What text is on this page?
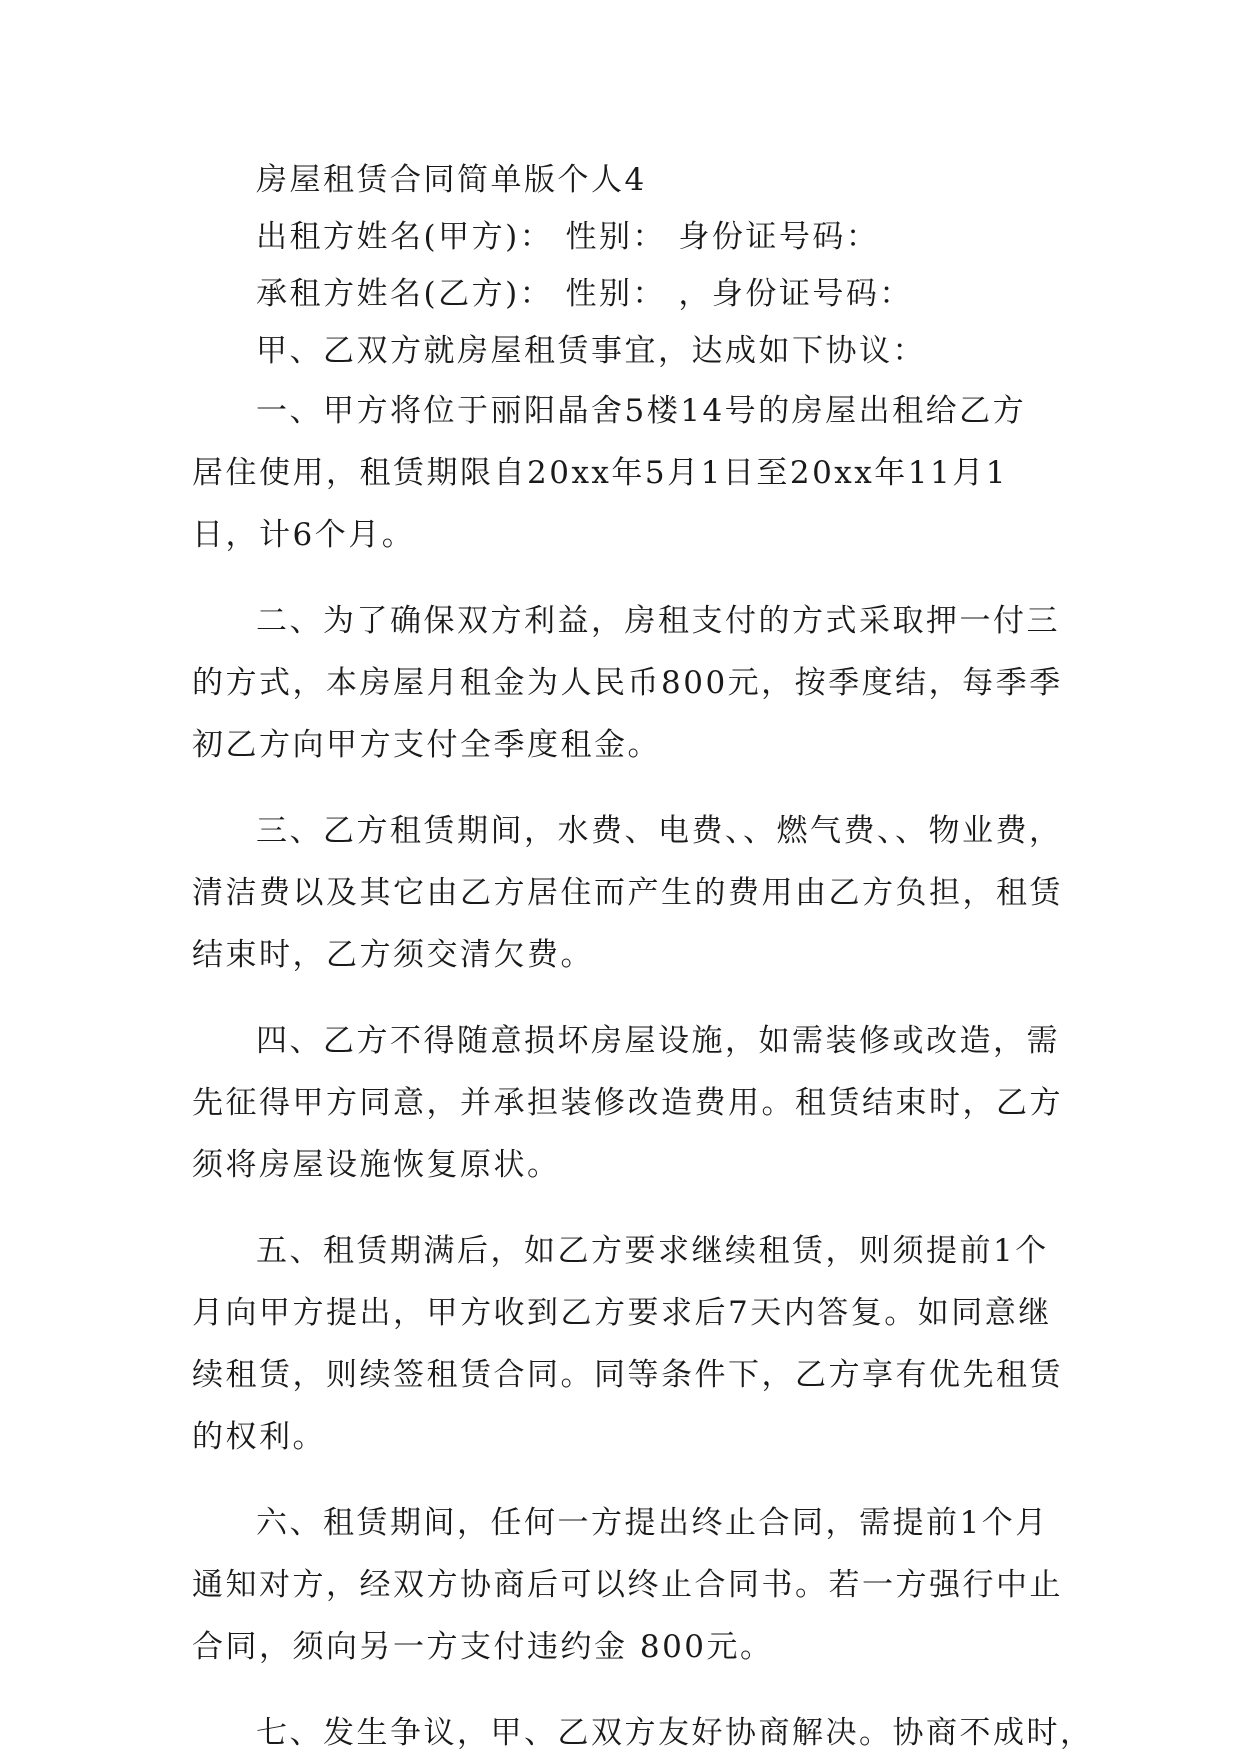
房屋租赁合同简单版个人4
出租方姓名(甲方)： 性别： 身份证号码：
承租方姓名(乙方)： 性别： ，身份证号码：
甲、乙双方就房屋租赁事宜，达成如下协议：
一、甲方将位于丽阳晶舍5楼14号的房屋出租给乙方
居住使用，租赁期限自20xx年5月1日至20xx年11月1
日，计6个月。
二、为了确保双方利益，房租支付的方式采取押一付三
的方式，本房屋月租金为人民币800元，按季度结，每季季
初乙方向甲方支付全季度租金。
三、乙方租赁期间，水费、电费、、燃气费、、物业费，
清洁费以及其它由乙方居住而产生的费用由乙方负担，租赁
结束时，乙方须交清欠费。
四、乙方不得随意损坏房屋设施，如需装修或改造，需
先征得甲方同意，并承担装修改造费用。租赁结束时，乙方
须将房屋设施恢复原状。
五、租赁期满后，如乙方要求继续租赁，则须提前1个
月向甲方提出，甲方收到乙方要求后7天内答复。如同意继
续租赁，则续签租赁合同。同等条件下，乙方享有优先租赁
的权利。
六、租赁期间，任何一方提出终止合同，需提前1个月
通知对方，经双方协商后可以终止合同书。若一方强行中止
合同，须向另一方支付违约金 800元。
七、发生争议，甲、乙双方友好协商解决。协商不成时，
